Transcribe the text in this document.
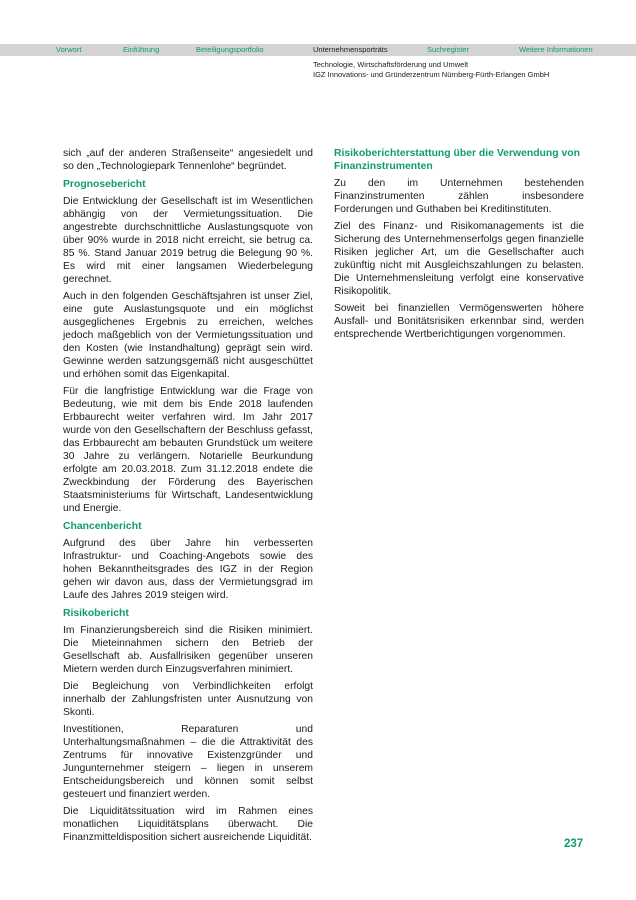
Vorwort	Einführung	Beteiligungsportfolio	Unternehmensporträts	Suchregister	Weitere Informationen
Technologie, Wirtschaftsförderung und Umwelt
IGZ Innovations- und Gründerzentrum Nürnberg-Fürth-Erlangen GmbH

sich „auf der anderen Straßenseite“ angesiedelt und so den „Technologiepark Tennenlohe“ begründet.

Prognosebericht

Die Entwicklung der Gesellschaft ist im Wesentlichen abhängig von der Vermietungssituation. Die angestrebte durchschnittliche Auslastungsquote von über 90% wurde in 2018 nicht erreicht, sie betrug ca. 85 %. Stand Januar 2019 betrug die Belegung 90 %. Es wird mit einer langsamen Wiederbelegung gerechnet.

Auch in den folgenden Geschäftsjahren ist unser Ziel, eine gute Auslastungsquote und ein möglichst ausgeglichenes Ergebnis zu erreichen, welches jedoch maßgeblich von der Vermietungssituation und den Kosten (wie Instandhaltung) geprägt sein wird. Gewinne werden satzungsgemäß nicht ausgeschüttet und erhöhen somit das Eigenkapital.

Für die langfristige Entwicklung war die Frage von Bedeutung, wie mit dem bis Ende 2018 laufenden Erbbaurecht weiter verfahren wird. Im Jahr 2017 wurde von den Gesellschaftern der Beschluss gefasst, das Erbbaurecht am bebauten Grundstück um weitere 30 Jahre zu verlängern. Notarielle Beurkundung erfolgte am 20.03.2018. Zum 31.12.2018 endete die Zweckbindung der Förderung des Bayerischen Staatsministeriums für Wirtschaft, Landesentwicklung und Energie.

Chancenbericht

Aufgrund des über Jahre hin verbesserten Infrastruktur- und Coaching-Angebots sowie des hohen Bekanntheitsgrades des IGZ in der Region gehen wir davon aus, dass der Vermietungsgrad im Laufe des Jahres 2019 steigen wird.

Risikobericht

Im Finanzierungsbereich sind die Risiken minimiert. Die Mieteinnahmen sichern den Betrieb der Gesellschaft ab. Ausfallrisiken gegenüber unseren Mietern werden durch Einzugsverfahren minimiert.

Die Begleichung von Verbindlichkeiten erfolgt innerhalb der Zahlungsfristen unter Ausnutzung von Skonti.

Investitionen, Reparaturen und Unterhaltungsmaßnahmen – die die Attraktivität des Zentrums für innovative Existenzgründer und Jungunternehmer steigern – liegen in unserem Entscheidungsbereich und können somit selbst gesteuert und finanziert werden.

Die Liquiditätssituation wird im Rahmen eines monatlichen Liquiditätsplans überwacht. Die Finanzmitteldisposition sichert ausreichende Liquidität.

Risikoberichterstattung über die Verwendung von Finanzinstrumenten

Zu den im Unternehmen bestehenden Finanzinstrumenten zählen insbesondere Forderungen und Guthaben bei Kreditinstituten.

Ziel des Finanz- und Risikomanagements ist die Sicherung des Unternehmenserfolgs gegen finanzielle Risiken jeglicher Art, um die Gesellschafter auch zukünftig nicht mit Ausgleichszahlungen zu belasten. Die Unternehmensleitung verfolgt eine konservative Risikopolitik.

Soweit bei finanziellen Vermögenswerten höhere Ausfall- und Bonitätsrisiken erkennbar sind, werden entsprechende Wertberichtigungen vorgenommen.

237
